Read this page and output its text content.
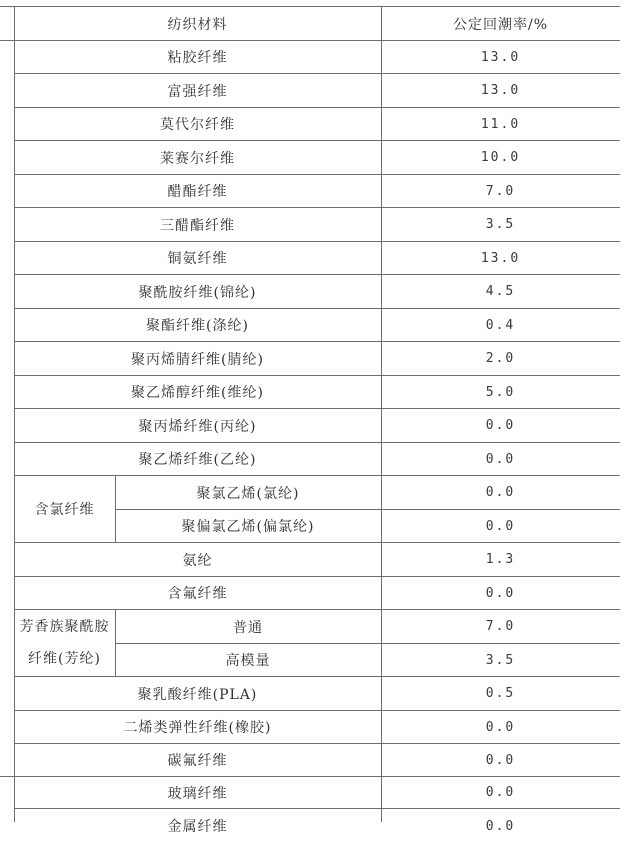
纺织材料	公定回潮率/%
粘胶纤维	13.0
富强纤维	13.0
莫代尔纤维	11.0
莱赛尔纤维	10.0
醋酯纤维	7.0
三醋酯纤维	3.5
铜氨纤维	13.0
聚酰胺纤维(锦纶)	4.5
聚酯纤维(涤纶)	0.4
聚丙烯腈纤维(腈纶)	2.0
聚乙烯醇纤维(维纶)	5.0
聚丙烯纤维(丙纶)	0.0
聚乙烯纤维(乙纶)	0.0
含氯纤维
聚氯乙烯(氯纶)	0.0
聚偏氯乙烯(偏氯纶)	0.0
氨纶	1.3
含氟纤维	0.0
芳香族聚酰胺
纤维(芳纶)
普通	7.0
高模量	3.5
聚乳酸纤维(PLA)	0.5
二烯类弹性纤维(橡胶)	0.0
碳氟纤维	0.0
玻璃纤维	0.0
金属纤维	0.0
